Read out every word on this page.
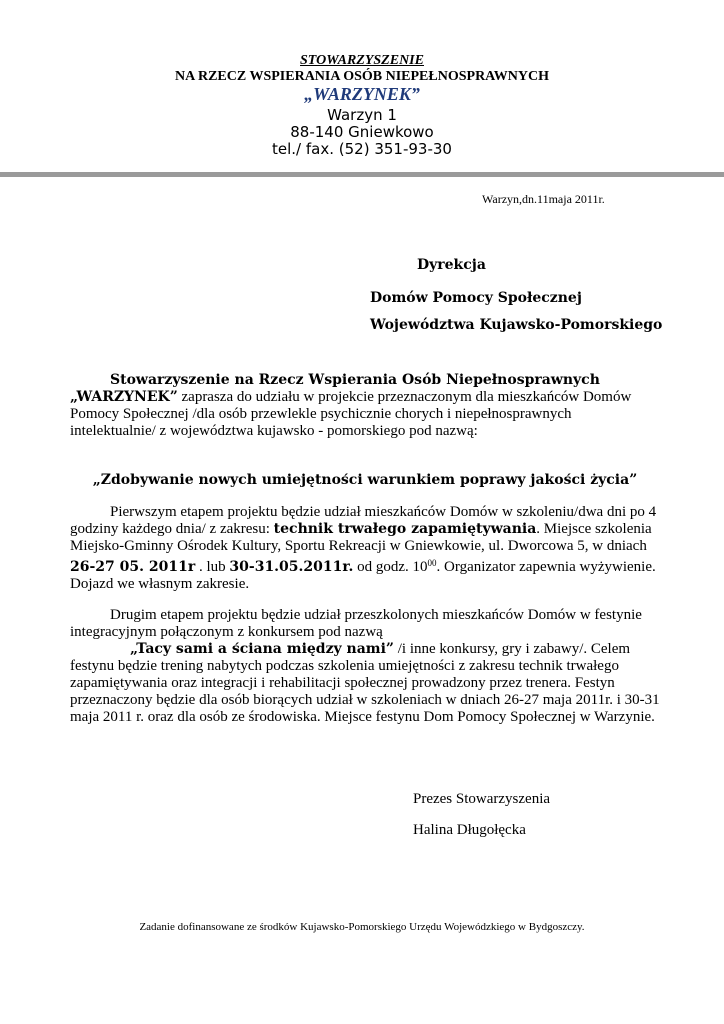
STOWARZYSZENIE
NA RZECZ WSPIERANIA OSÓB NIEPEŁNOSPRAWNYCH
„WARZYNEK”
Warzyn 1
88-140 Gniewkowo
tel./ fax. (52) 351-93-30
Warzyn,dn.11maja 2011r.
Dyrekcja
Domów Pomocy Społecznej
Województwa Kujawsko-Pomorskiego
Stowarzyszenie na Rzecz Wspierania Osób Niepełnosprawnych
„WARZYNEK” zaprasza do udziału w projekcie przeznaczonym dla mieszkańców Domów Pomocy Społecznej /dla osób przewlekle psychicznie chorych i niepełnosprawnych intelektualnie/ z województwa kujawsko - pomorskiego pod nazwą:
„Zdobywanie nowych umiejętności warunkiem poprawy jakości życia”
Pierwszym etapem projektu będzie udział mieszkańców Domów w szkoleniu/dwa dni po 4 godziny każdego dnia/ z zakresu: technik trwałego zapamiętywania. Miejsce szkolenia Miejsko-Gminny Ośrodek Kultury, Sportu Rekreacji w Gniewkowie, ul. Dworcowa 5, w dniach 26-27 05. 2011r . lub 30-31.05.2011r. od godz. $10^{00}$. Organizator zapewnia wyżywienie. Dojazd we własnym zakresie.
Drugim etapem projektu będzie udział przeszkolonych mieszkańców Domów w festynie integracyjnym połączonym z konkursem pod nazwą
„Tacy sami a ściana między nami” /i inne konkursy, gry i zabawy/. Celem festynu będzie trening nabytych podczas szkolenia umiejętności z zakresu technik trwałego zapamiętywania oraz integracji i rehabilitacji społecznej prowadzony przez trenera. Festyn przeznaczony będzie dla osób biorących udział w szkoleniach w dniach 26-27 maja 2011r. i 30-31 maja 2011 r. oraz dla osób ze środowiska. Miejsce festynu Dom Pomocy Społecznej w Warzynie.
Prezes Stowarzyszenia
Halina Długołęcka
Zadanie dofinansowane ze środków Kujawsko-Pomorskiego Urzędu Wojewódzkiego w Bydgoszczy.
